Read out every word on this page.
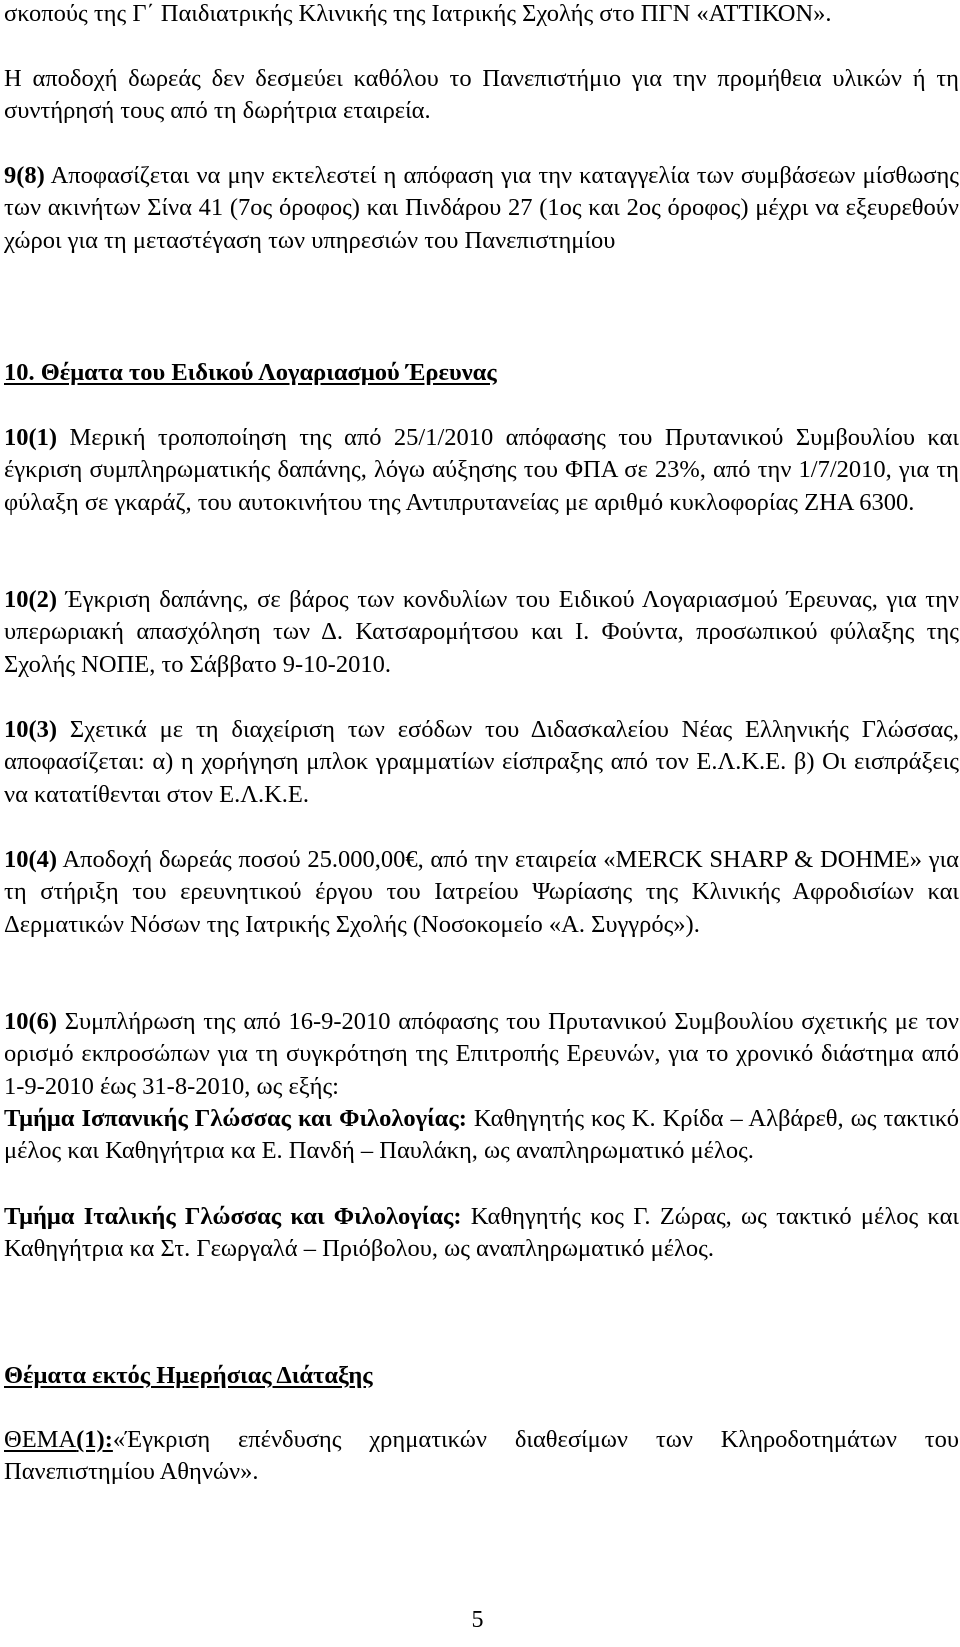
σκοπούς της Γ΄ Παιδιατρικής Κλινικής της Ιατρικής Σχολής στο ΠΓΝ «ΑΤΤΙΚΟΝ».

Η αποδοχή δωρεάς δεν δεσμεύει καθόλου το Πανεπιστήμιο για την προμήθεια υλικών ή τη συντήρησή τους από τη δωρήτρια εταιρεία.

9(8) Αποφασίζεται να μην εκτελεστεί η απόφαση για την καταγγελία των συμβάσεων μίσθωσης των ακινήτων Σίνα 41 (7ος όροφος) και Πινδάρου 27 (1ος και 2ος όροφος) μέχρι να εξευρεθούν χώροι για τη μεταστέγαση των υπηρεσιών του Πανεπιστημίου

10. Θέματα του Ειδικού Λογαριασμού Έρευνας

10(1) Μερική τροποποίηση της από 25/1/2010 απόφασης του Πρυτανικού Συμβουλίου και έγκριση συμπληρωματικής δαπάνης, λόγω αύξησης του ΦΠΑ σε 23%, από την 1/7/2010, για τη φύλαξη σε γκαράζ, του αυτοκινήτου της Αντιπρυτανείας με αριθμό κυκλοφορίας ΖΗΑ 6300.

10(2) Έγκριση δαπάνης, σε βάρος των κονδυλίων του Ειδικού Λογαριασμού Έρευνας, για την υπερωριακή απασχόληση των Δ. Κατσαρομήτσου και Ι. Φούντα, προσωπικού φύλαξης της Σχολής ΝΟΠΕ, το Σάββατο 9-10-2010.

10(3) Σχετικά με τη διαχείριση των εσόδων του Διδασκαλείου Νέας Ελληνικής Γλώσσας, αποφασίζεται: α) η χορήγηση μπλοκ γραμματίων είσπραξης από τον Ε.Λ.Κ.Ε. β) Οι εισπράξεις να κατατίθενται στον Ε.Λ.Κ.Ε.

10(4) Αποδοχή δωρεάς ποσού 25.000,00€, από την εταιρεία «MERCK SHARP & DOHME» για τη στήριξη του ερευνητικού έργου του Ιατρείου Ψωρίασης της Κλινικής Αφροδισίων και Δερματικών Νόσων της Ιατρικής Σχολής (Νοσοκομείο «Α. Συγγρός»).

10(6) Συμπλήρωση της από 16-9-2010 απόφασης του Πρυτανικού Συμβουλίου σχετικής με τον ορισμό εκπροσώπων για τη συγκρότηση της Επιτροπής Ερευνών, για το χρονικό διάστημα από 1-9-2010 έως 31-8-2010, ως εξής:

Τμήμα Ισπανικής Γλώσσας και Φιλολογίας: Καθηγητής κος Κ. Κρίδα – Αλβάρεθ, ως τακτικό μέλος και Καθηγήτρια κα Ε. Πανδή – Παυλάκη, ως αναπληρωματικό μέλος.

Τμήμα Ιταλικής Γλώσσας και Φιλολογίας: Καθηγητής κος Γ. Ζώρας, ως τακτικό μέλος και Καθηγήτρια κα Στ. Γεωργαλά – Πριόβολου, ως αναπληρωματικό μέλος.

Θέματα εκτός Ημερήσιας Διάταξης

ΘΕΜΑ(1):«Έγκριση επένδυσης χρηματικών διαθεσίμων των Κληροδοτημάτων του Πανεπιστημίου Αθηνών».

5
